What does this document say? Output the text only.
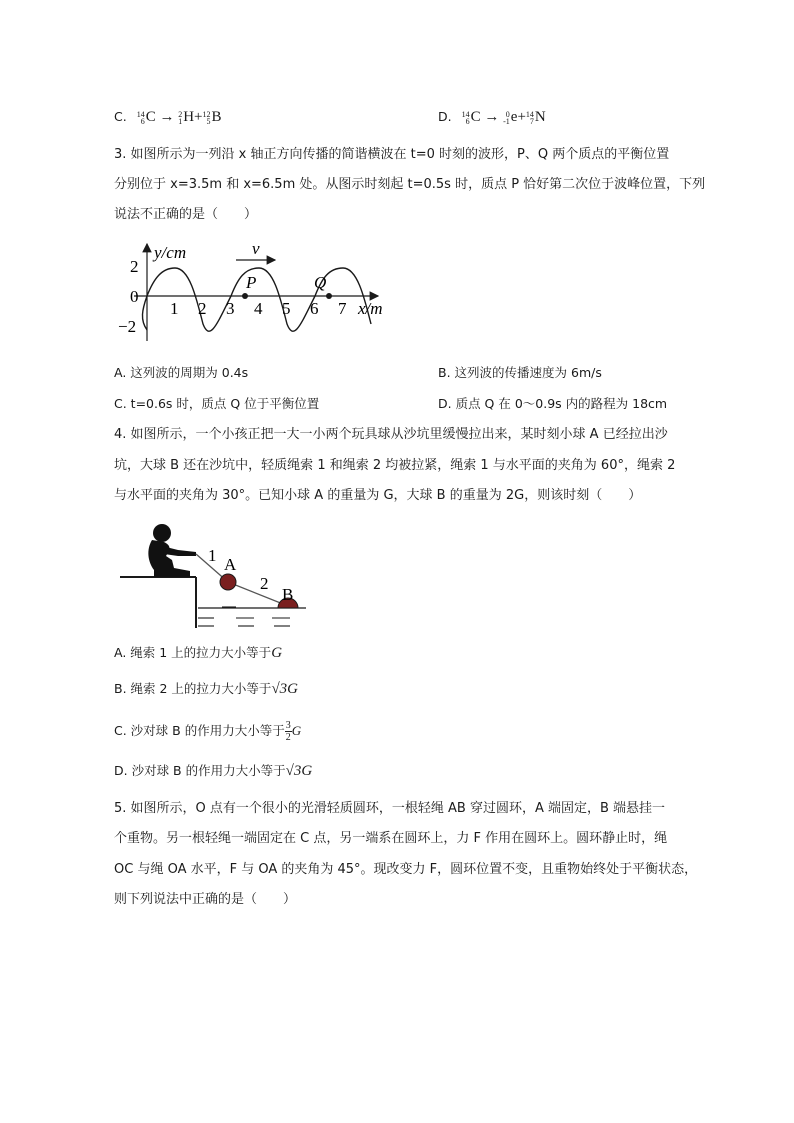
C. 14
6 C → 2
1 H+ 12
5 B	D. 14
6 C → 0
-1 e+ 14
7 N
3. 如图所示为一列沿 x 轴正方向传播的简谐横波在 t=0 时刻的波形，P、Q 两个质点的平衡位置
分别位于 x=3.5m 和 x=6.5m 处。从图示时刻起 t=0.5s 时，质点 P 恰好第二次位于波峰位置，下列
说法不正确的是（　　）
y/cm	v
2
0
−2
P	Q
1 2 3 4 5 6 7 x/m
A. 这列波的周期为 0.4s	B. 这列波的传播速度为 6m/s
C. t=0.6s 时，质点 Q 位于平衡位置	D. 质点 Q 在 0～0.9s 内的路程为 18cm
4. 如图所示，一个小孩正把一大一小两个玩具球从沙坑里缓慢拉出来，某时刻小球 A 已经拉出沙
坑，大球 B 还在沙坑中，轻质绳索 1 和绳索 2 均被拉紧，绳索 1 与水平面的夹角为 60°，绳索 2
与水平面的夹角为 30°。已知小球 A 的重量为 G，大球 B 的重量为 2G，则该时刻（　　）
1 A
2
B
A. 绳索 1 上的拉力大小等于G
B. 绳索 2 上的拉力大小等于√3G
C. 沙对球 B 的作用力大小等于 $\frac{3}{2}$ G
D. 沙对球 B 的作用力大小等于√3G
5. 如图所示，O 点有一个很小的光滑轻质圆环，一根轻绳 AB 穿过圆环，A 端固定，B 端悬挂一
个重物。另一根轻绳一端固定在 C 点，另一端系在圆环上，力 F 作用在圆环上。圆环静止时，绳
OC 与绳 OA 水平，F 与 OA 的夹角为 45°。现改变力 F，圆环位置不变，且重物始终处于平衡状态，
则下列说法中正确的是（　　）
